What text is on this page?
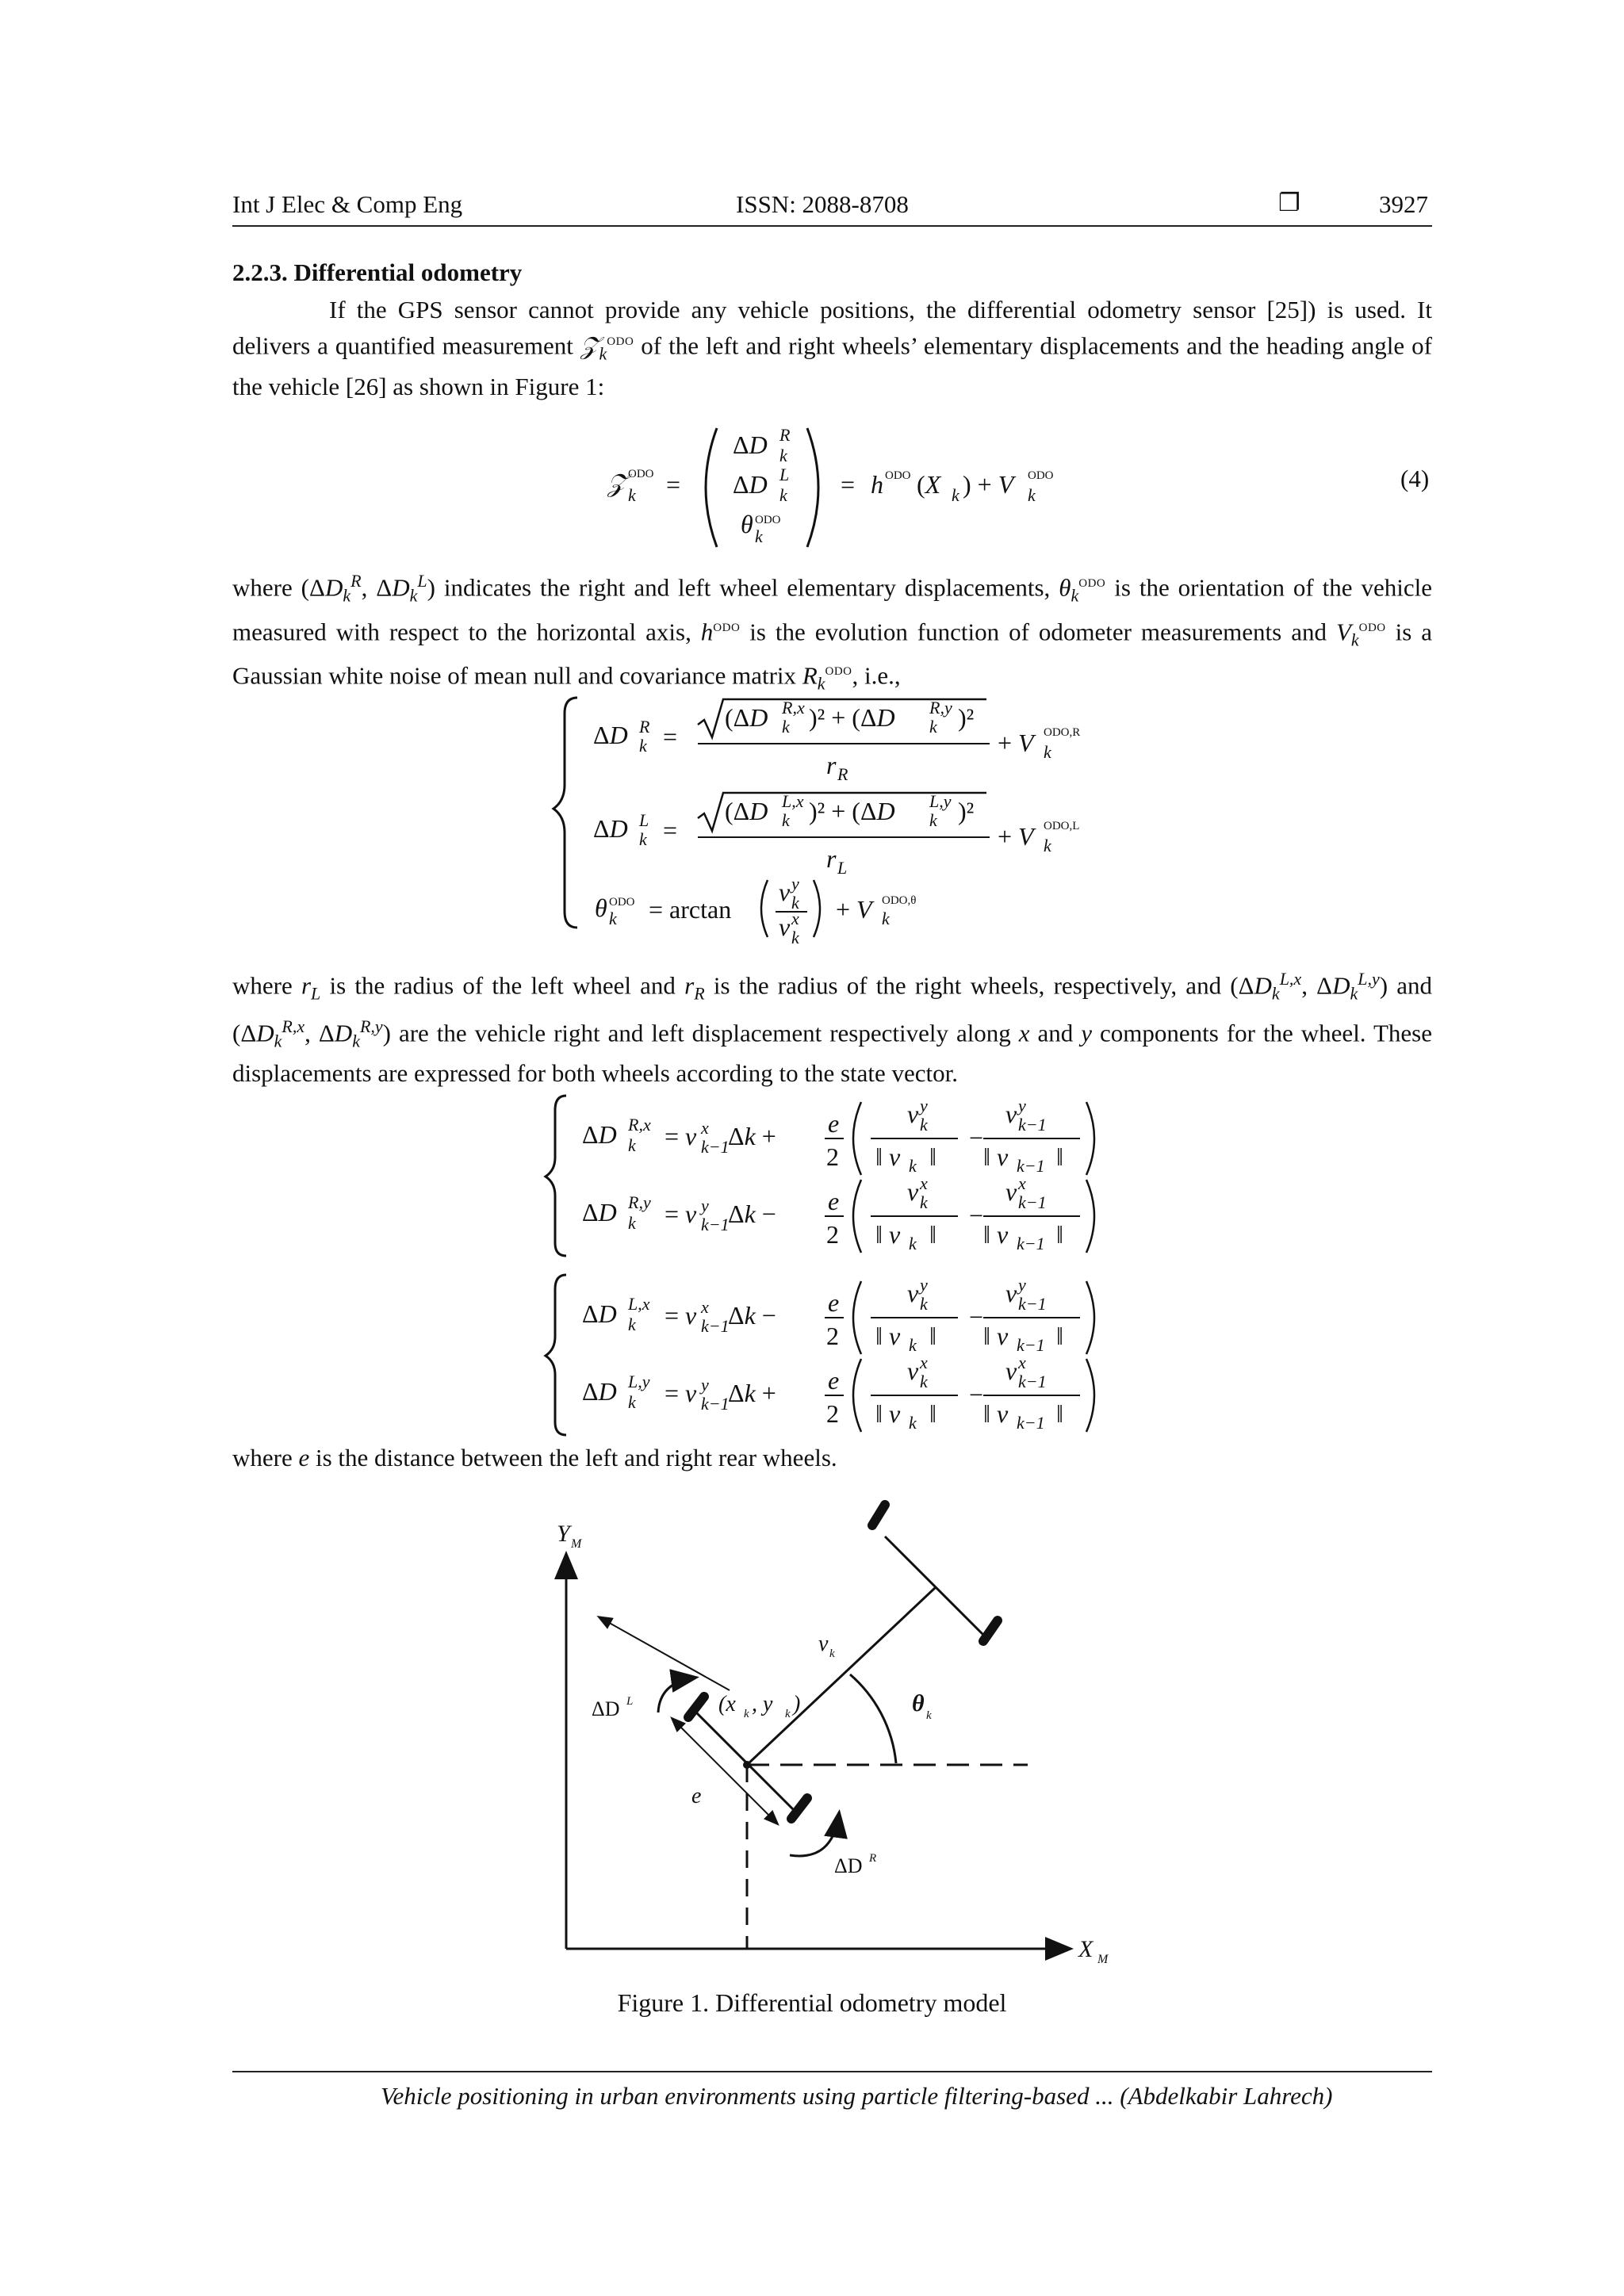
Int J Elec & Comp Eng	ISSN: 2088-8708	❐	3927
2.2.3. Differential odometry
If the GPS sensor cannot provide any vehicle positions, the differential odometry sensor [25]) is used. It delivers a quantified measurement 𝒵$_k^{ODO}$ of the left and right wheels’ elementary displacements and the heading angle of the vehicle [26] as shown in Figure 1:
𝒵 k
ODO =
ΔD R
k
ΔD L
k
θ ODO
k
= h ODO (X k ) + V ODO
k
(4)
where ($\Delta D_k^R$, $\Delta D_k^L$) indicates the right and left wheel elementary displacements, $\theta_k^{ODO}$ is the orientation of the vehicle measured with respect to the horizontal axis, $h^{ODO}$ is the evolution function of odometer measurements and $V_k^{ODO}$ is a Gaussian white noise of mean null and covariance matrix $R_k^{ODO}$, i.e.,
ΔD R
k =
(ΔD R,x
k )² + (ΔD R,y
k )²
r R
+ V ODO,R
k
ΔD L
k =
(ΔD L,x
k )² + (ΔD L,y
k )²
r L
+ V ODO,L
k
θ ODO
k = arctan
v y
k
v x
k
+ V ODO,θ
k
where $r_L$ is the radius of the left wheel and $r_R$ is the radius of the right wheels, respectively, and ($\Delta D_k^{L,x}$, $\Delta D_k^{L,y}$) and ($\Delta D_k^{R,x}$, $\Delta D_k^{R,y}$) are the vehicle right and left displacement respectively along x and y components for the wheel. These displacements are expressed for both wheels according to the state vector.
ΔD R,x
k = v x
k−1
Δk + e
2
v y
k
‖ v k ‖
−
v y
k−1
‖ v k−1 ‖
ΔD R,y
k = v y
k−1
Δk − e
2
v x
k
‖ v k ‖
−
v x
k−1
‖ v k−1 ‖
ΔD L,x
k = v x
k−1
Δk − e
2
v y
k
‖ v k ‖
−
v y
k−1
‖ v k−1 ‖
ΔD L,y
k = v y
k−1
Δk + e
2
v x
k
‖ v k ‖
−
v x
k−1
‖ v k−1 ‖
where e is the distance between the left and right rear wheels.
Y M
X M
v k
θ k
ΔD L
ΔD R
(x k , y k )
e
Figure 1. Differential odometry model
Vehicle positioning in urban environments using particle filtering-based ... (Abdelkabir Lahrech)
